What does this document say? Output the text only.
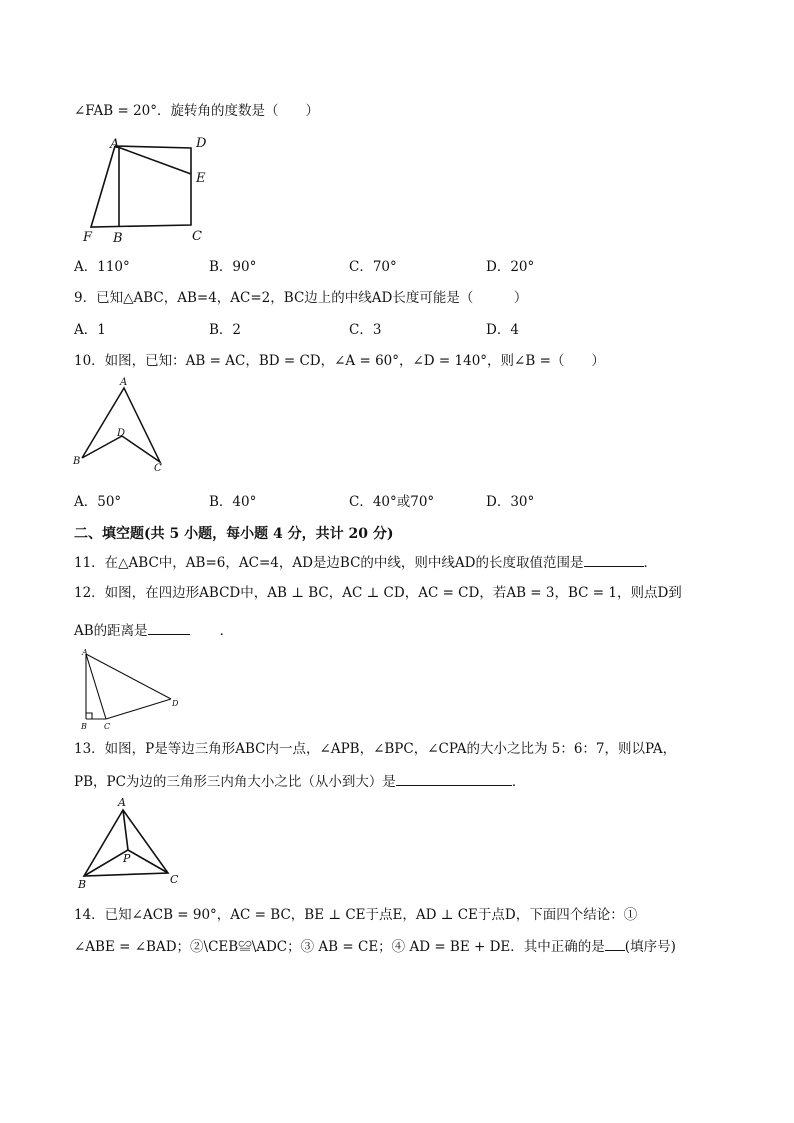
∠FAB = 20°．旋转角的度数是（　　）
A	D
E
F B	C
A．110°	B．90°	C．70°	D．20°
9．已知△ABC，AB=4，AC=2，BC边上的中线AD长度可能是（　　　）
A．1	B．2	C．3	D．4
10．如图，已知：AB = AC，BD = CD，∠A = 60°，∠D = 140°，则∠B =（　　）
A
D
B
C
A．50°	B．40°	C．40°或70°	D．30°
二、填空题(共 5 小题，每小题 4 分，共计 20 分)
11．在△ABC中，AB=6，AC=4，AD是边BC的中线，则中线AD的长度取值范围是	．
12．如图，在四边形ABCD中，AB ⊥ BC，AC ⊥ CD，AC = CD，若AB = 3，BC = 1，则点D到
AB的距离是	．
A
B C
D
13．如图，P是等边三角形ABC内一点，∠APB，∠BPC，∠CPA的大小之比为 5：6：7，则以PA，
PB，PC为边的三角形三内角大小之比（从小到大）是	．
A
P
B	C
14．已知∠ACB = 90°，AC = BC，BE ⊥ CE于点E，AD ⊥ CE于点D，下面四个结论：①
∠ABE = ∠BAD；②\CEB≌\ADC；③ AB = CE；④ AD = BE + DE．其中正确的是 (填序号)
